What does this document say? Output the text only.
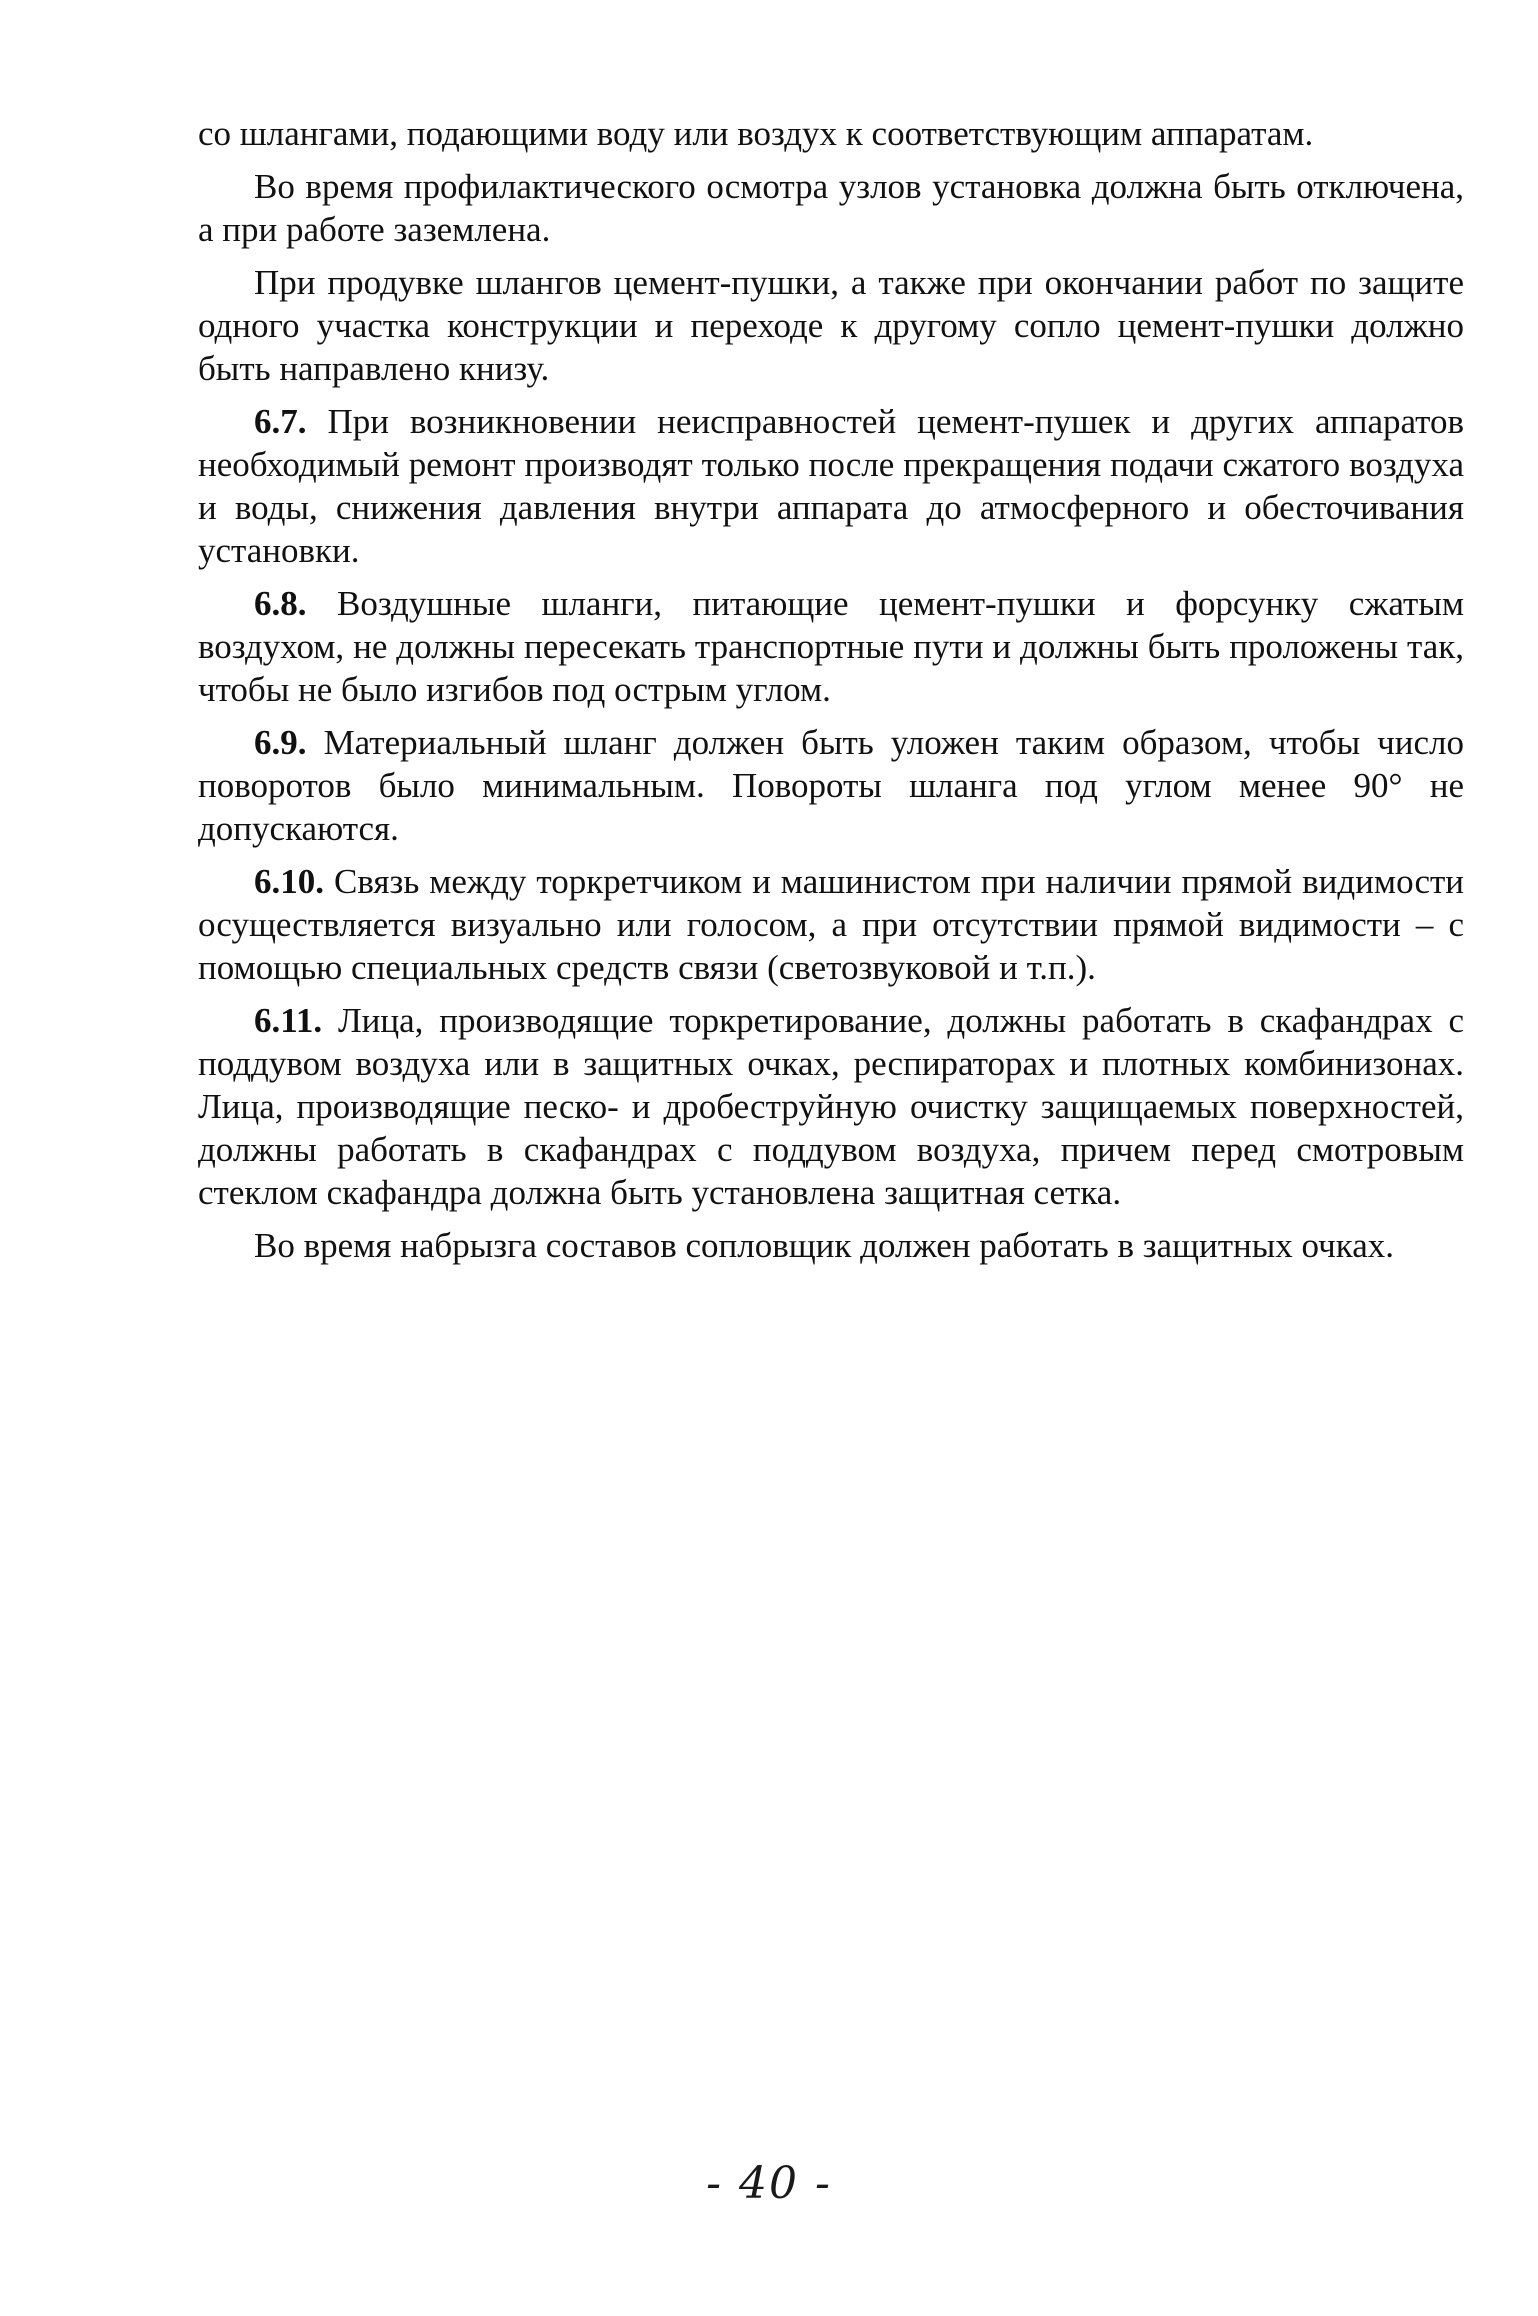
со шлангами, подающими воду или воздух к соответствующим аппаратам.

Во время профилактического осмотра узлов установка должна быть отключена, а при работе заземлена.

При продувке шлангов цемент-пушки, а также при окончании работ по защите одного участка конструкции и переходе к другому сопло цемент-пушки должно быть направлено книзу.

6.7. При возникновении неисправностей цемент-пушек и других аппаратов необходимый ремонт производят только после прекращения подачи сжатого воздуха и воды, снижения давления внутри аппарата до атмосферного и обесточивания установки.

6.8. Воздушные шланги, питающие цемент-пушки и форсунку сжатым воздухом, не должны пересекать транспортные пути и должны быть проложены так, чтобы не было изгибов под острым углом.

6.9. Материальный шланг должен быть уложен таким образом, чтобы число поворотов было минимальным. Повороты шланга под углом менее 90° не допускаются.

6.10. Связь между торкретчиком и машинистом при наличии прямой видимости осуществляется визуально или голосом, а при отсутствии прямой видимости – с помощью специальных средств связи (светозвуковой и т.п.).

6.11. Лица, производящие торкретирование, должны работать в скафандрах с поддувом воздуха или в защитных очках, респираторах и плотных комбинизонах. Лица, производящие песко- и дробеструйную очистку защищаемых поверхностей, должны работать в скафандрах с поддувом воздуха, причем перед смотровым стеклом скафандра должна быть установлена защитная сетка.

Во время набрызга составов сопловщик должен работать в защитных очках.

- 40 -
